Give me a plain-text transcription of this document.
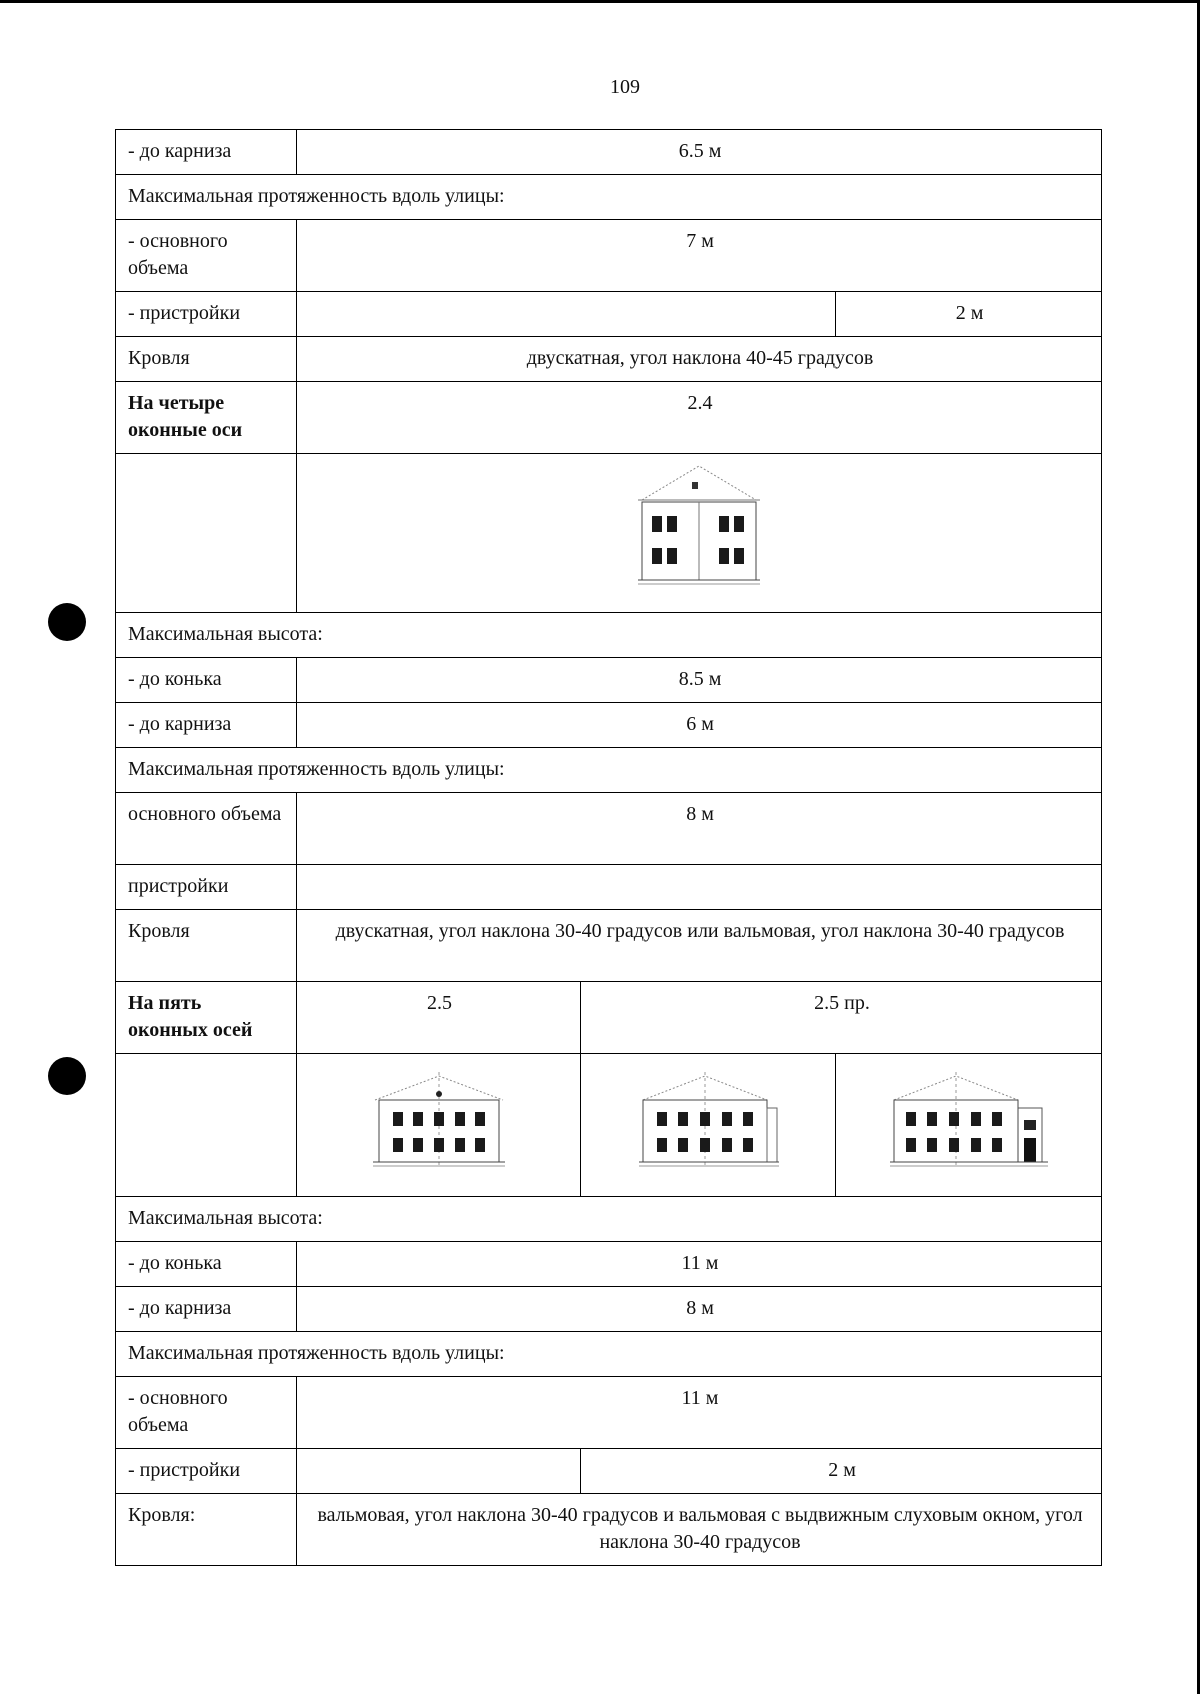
109
- до карниза	6.5 м		
Максимальная протяженность вдоль улицы:			
- основного объема	7 м		
- пристройки			2 м
Кровля	двускатная, угол наклона 40-45 градусов		
На четыре оконные оси	2.4		

Максимальная высота:			
- до конька	8.5 м		
- до карниза	6 м		
Максимальная протяженность вдоль улицы:			
основного объема	8 м		
пристройки			
Кровля	двускатная, угол наклона 30-40 градусов или вальмовая, угол наклона 30-40 градусов		
На пять оконных осей	2.5	2.5 пр.	

Максимальная высота:			
- до конька	11 м		
- до карниза	8 м		
Максимальная протяженность вдоль улицы:			
- основного объема	11 м		
- пристройки		2 м	
Кровля:	вальмовая, угол наклона 30-40 градусов и вальмовая с выдвижным слуховым окном, угол наклона 30-40 градусов		
